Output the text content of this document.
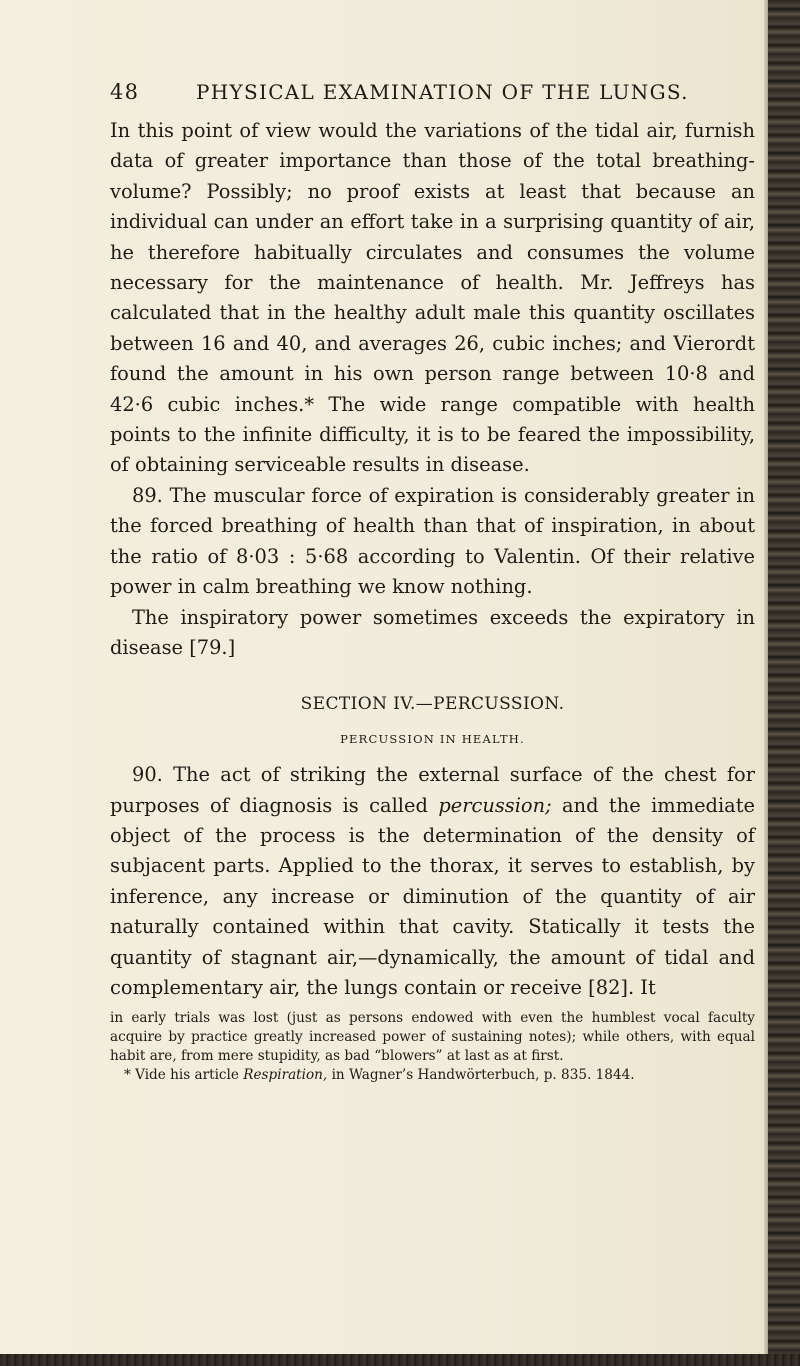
48	PHYSICAL EXAMINATION OF THE LUNGS.

In this point of view would the variations of the tidal air, furnish data of greater importance than those of the total breathing-volume? Possibly; no proof exists at least that because an individual can under an effort take in a surprising quantity of air, he therefore habitually circulates and consumes the volume necessary for the maintenance of health. Mr. Jeffreys has calculated that in the healthy adult male this quantity oscillates between 16 and 40, and averages 26, cubic inches; and Vierordt found the amount in his own person range between 10·8 and 42·6 cubic inches.* The wide range compatible with health points to the infinite difficulty, it is to be feared the impossibility, of obtaining serviceable results in disease.

89. The muscular force of expiration is considerably greater in the forced breathing of health than that of inspiration, in about the ratio of 8·03 : 5·68 according to Valentin. Of their relative power in calm breathing we know nothing.

The inspiratory power sometimes exceeds the expiratory in disease [79.]

SECTION IV.—PERCUSSION.
PERCUSSION IN HEALTH.

90. The act of striking the external surface of the chest for purposes of diagnosis is called percussion; and the immediate object of the process is the determination of the density of subjacent parts. Applied to the thorax, it serves to establish, by inference, any increase or diminution of the quantity of air naturally contained within that cavity. Statically it tests the quantity of stagnant air,—dynamically, the amount of tidal and complementary air, the lungs contain or receive [82]. It

in early trials was lost (just as persons endowed with even the humblest vocal faculty acquire by practice greatly increased power of sustaining notes); while others, with equal habit are, from mere stupidity, as bad “blowers” at last as at first.

* Vide his article Respiration, in Wagner’s Handwörterbuch, p. 835. 1844.
